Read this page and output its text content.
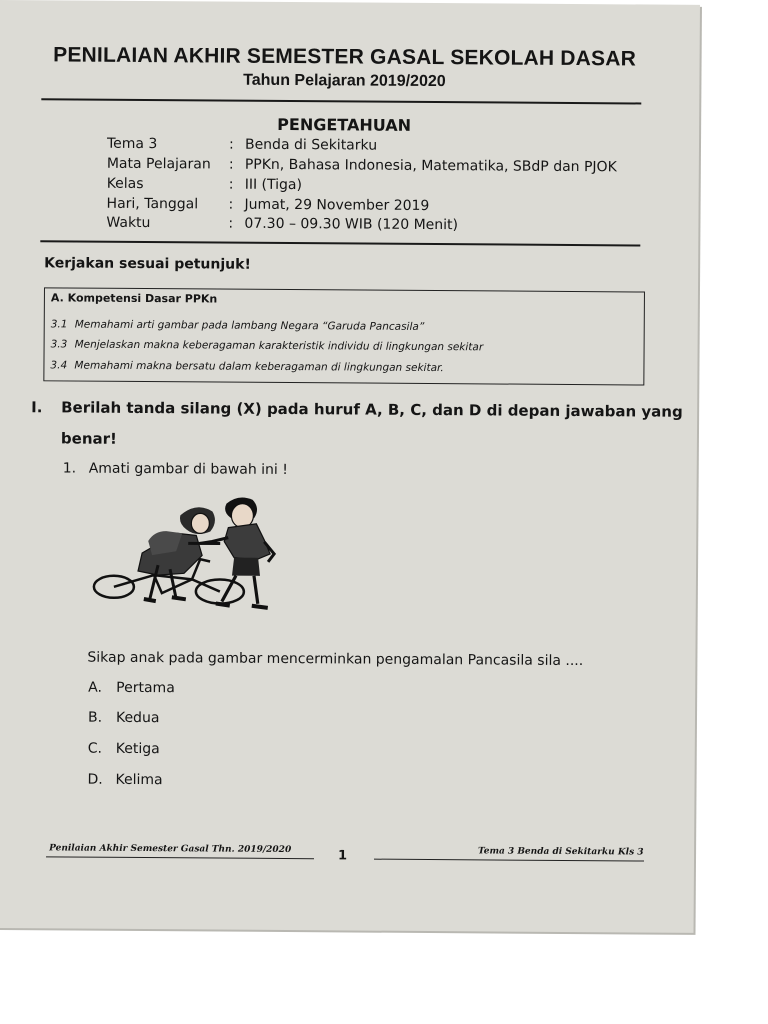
PENILAIAN AKHIR SEMESTER GASAL SEKOLAH DASAR
Tahun Pelajaran 2019/2020
PENGETAHUAN
Tema 3	: Benda di Sekitarku
Mata Pelajaran : PPKn, Bahasa Indonesia, Matematika, SBdP dan PJOK
Kelas	: III (Tiga)
Hari, Tanggal : Jumat, 29 November 2019
Waktu	: 07.30 – 09.30 WIB (120 Menit)
Kerjakan sesuai petunjuk!
A. Kompetensi Dasar PPKn
3.1 Memahami arti gambar pada lambang Negara “Garuda Pancasila”
3.3 Menjelaskan makna keberagaman karakteristik individu di lingkungan sekitar
3.4 Memahami makna bersatu dalam keberagaman di lingkungan sekitar.
I. Berilah tanda silang (X) pada huruf A, B, C, dan D di depan jawaban yang
benar!
1. Amati gambar di bawah ini !
Sikap anak pada gambar mencerminkan pengamalan Pancasila sila ....
A. Pertama
B. Kedua
C. Ketiga
D. Kelima
Penilaian Akhir Semester Gasal Thn. 2019/2020	1	Tema 3 Benda di Sekitarku Kls 3
